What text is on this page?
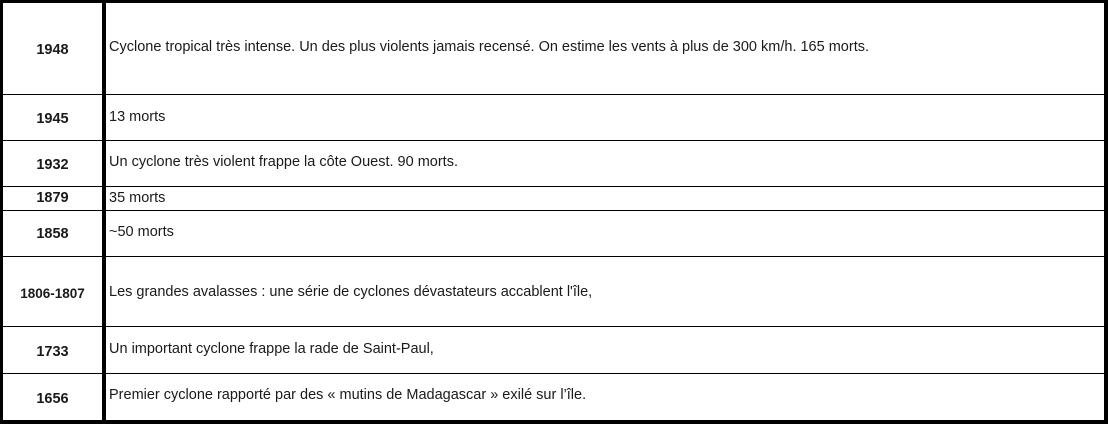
1948	Cyclone tropical très intense. Un des plus violents jamais recensé. On estime les vents à plus de 300 km/h. 165 morts.
1945	13 morts
1932	Un cyclone très violent frappe la côte Ouest. 90 morts.
1879	35 morts
1858	~50 morts
1806-1807	Les grandes avalasses : une série de cyclones dévastateurs accablent l'île,
1733	Un important cyclone frappe la rade de Saint-Paul,
1656	Premier cyclone rapporté par des « mutins de Madagascar » exilé sur l’île.
